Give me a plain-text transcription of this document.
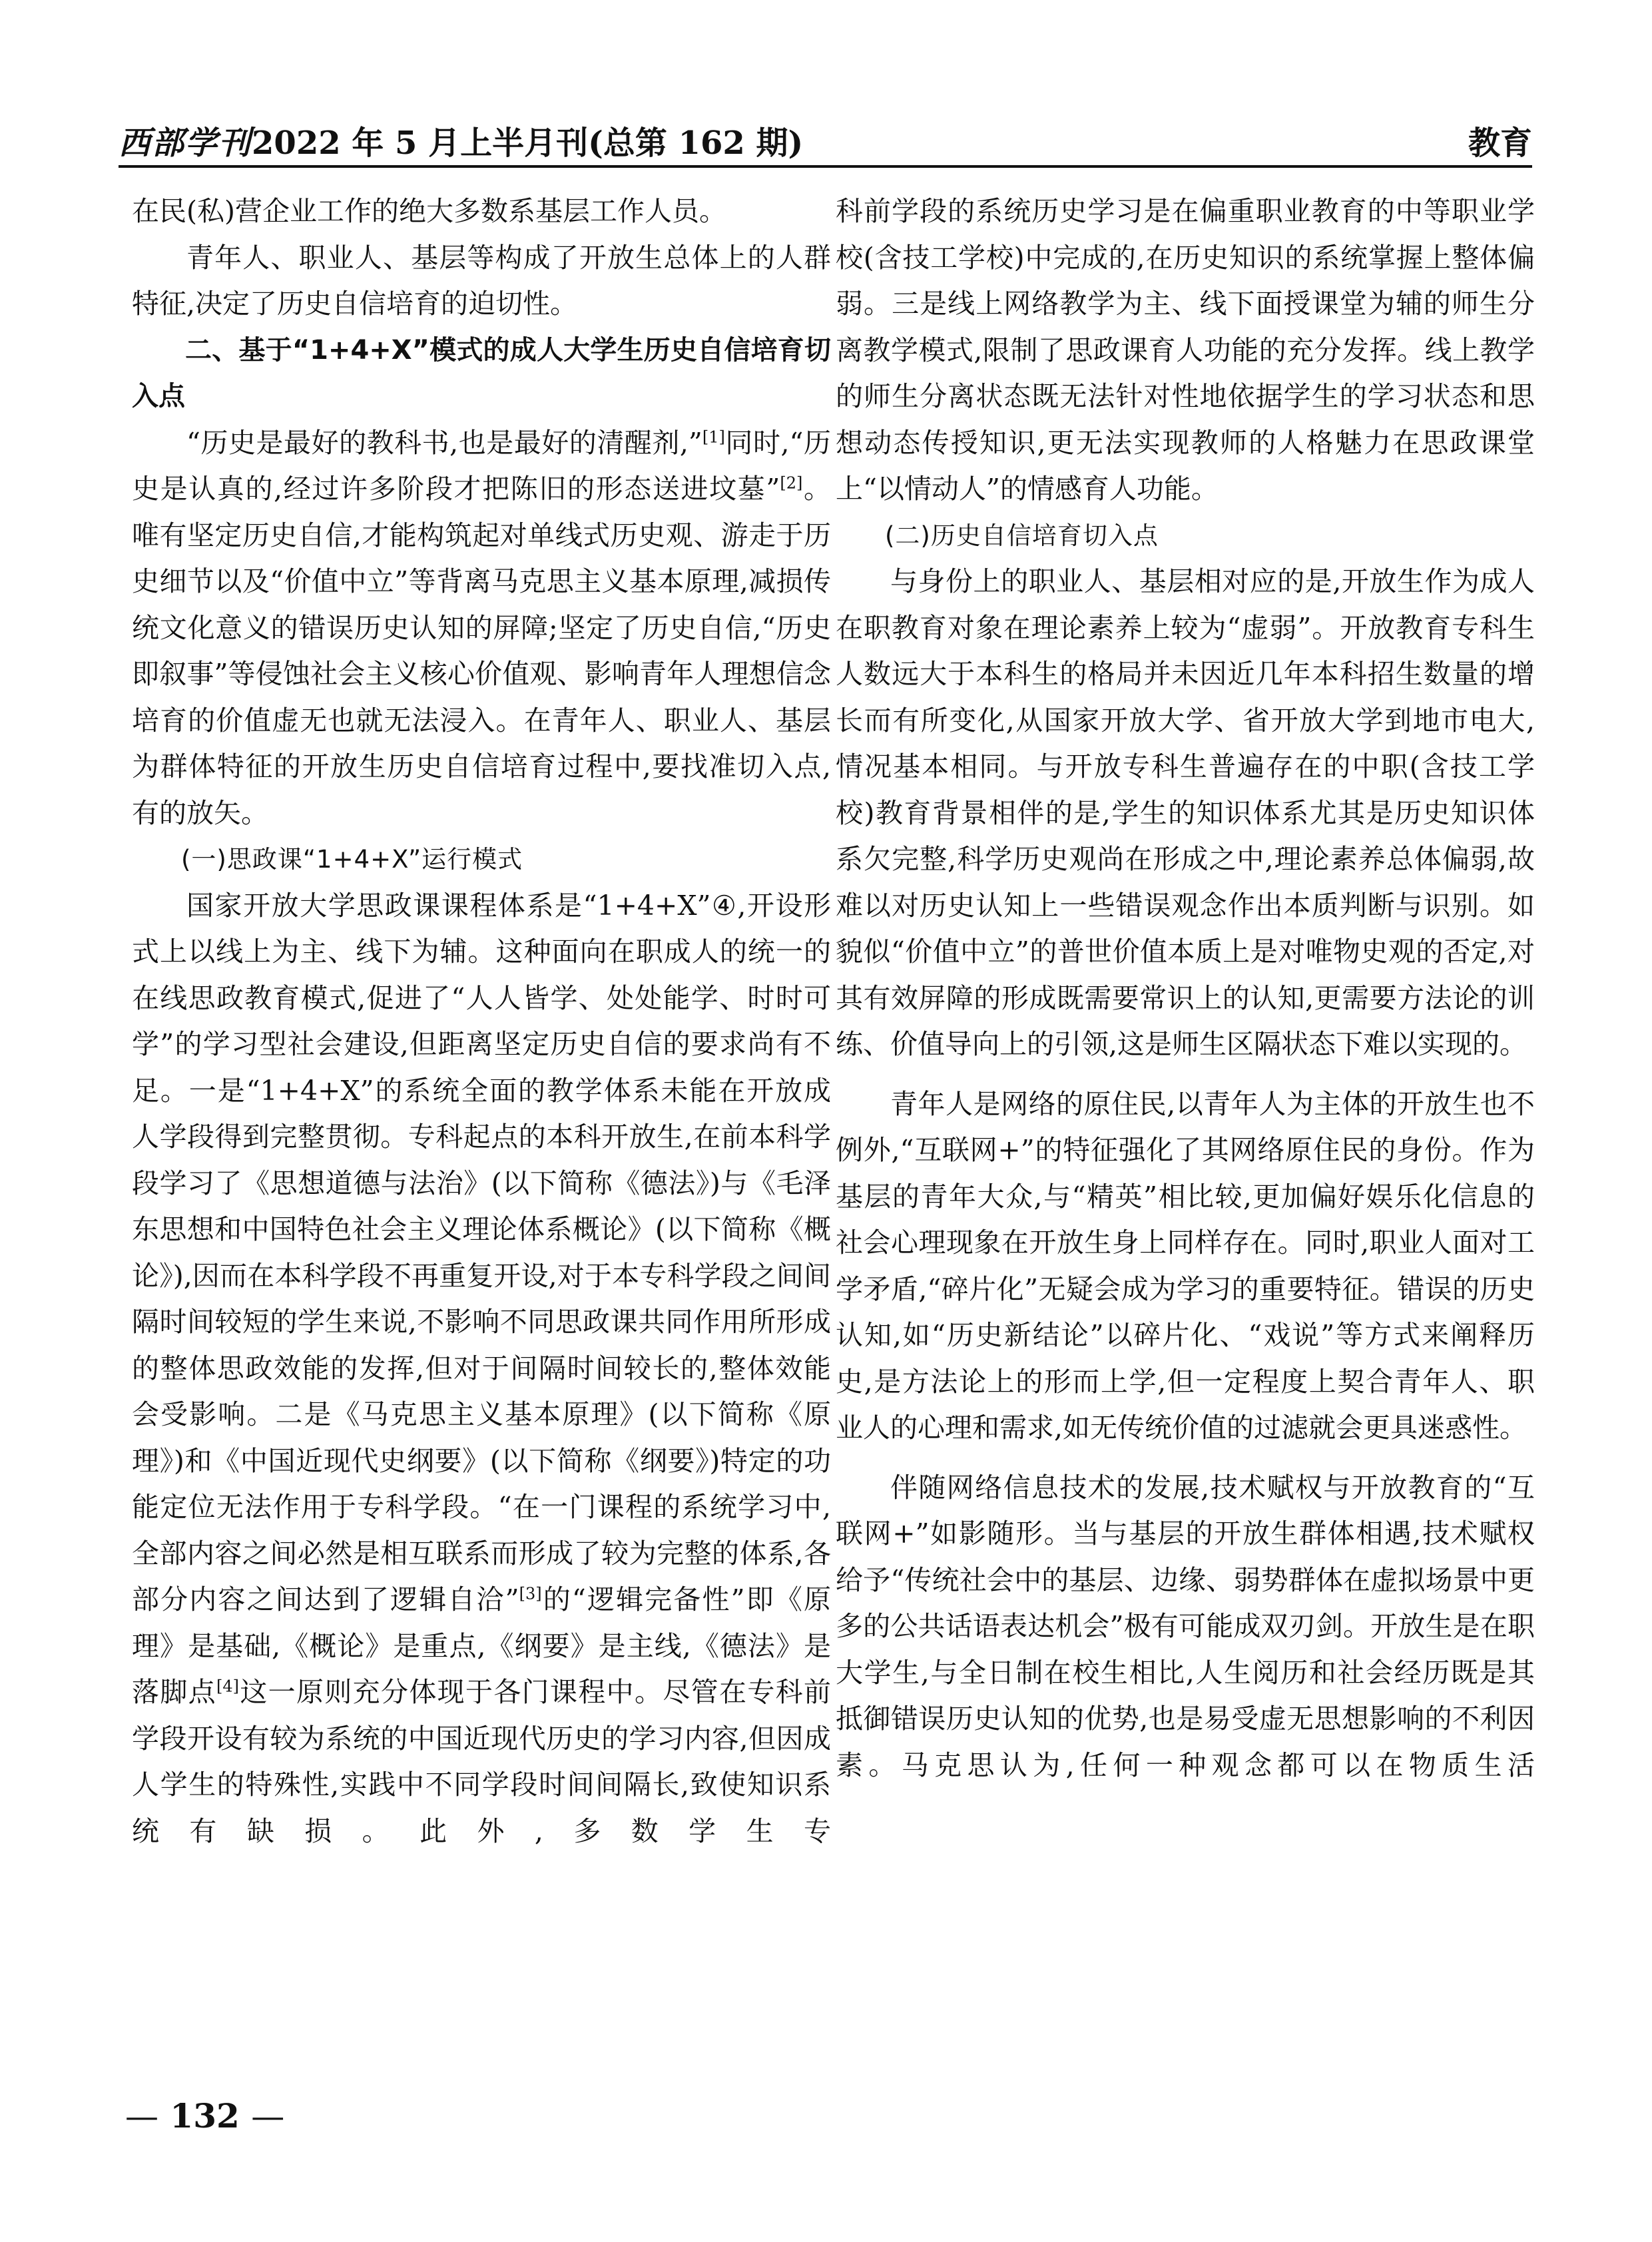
西部学刊2022 年 5 月上半月刊(总第 162 期)	教育

在民(私)营企业工作的绝大多数系基层工作人员。

青年人、职业人、基层等构成了开放生总体上的人群特征,决定了历史自信培育的迫切性。

二、基于“1+4+X”模式的成人大学生历史自信培育切入点

“历史是最好的教科书,也是最好的清醒剂,”[1]同时,“历史是认真的,经过许多阶段才把陈旧的形态送进坟墓”[2]。唯有坚定历史自信,才能构筑起对单线式历史观、游走于历史细节以及“价值中立”等背离马克思主义基本原理,减损传统文化意义的错误历史认知的屏障;坚定了历史自信,“历史即叙事”等侵蚀社会主义核心价值观、影响青年人理想信念培育的价值虚无也就无法浸入。在青年人、职业人、基层为群体特征的开放生历史自信培育过程中,要找准切入点,有的放矢。

(一)思政课“1+4+X”运行模式

国家开放大学思政课课程体系是“1+4+X”④,开设形式上以线上为主、线下为辅。这种面向在职成人的统一的在线思政教育模式,促进了“人人皆学、处处能学、时时可学”的学习型社会建设,但距离坚定历史自信的要求尚有不足。一是“1+4+X”的系统全面的教学体系未能在开放成人学段得到完整贯彻。专科起点的本科开放生,在前本科学段学习了《思想道德与法治》(以下简称《德法》)与《毛泽东思想和中国特色社会主义理论体系概论》(以下简称《概论》),因而在本科学段不再重复开设,对于本专科学段之间间隔时间较短的学生来说,不影响不同思政课共同作用所形成的整体思政效能的发挥,但对于间隔时间较长的,整体效能会受影响。二是《马克思主义基本原理》(以下简称《原理》)和《中国近现代史纲要》(以下简称《纲要》)特定的功能定位无法作用于专科学段。“在一门课程的系统学习中,全部内容之间必然是相互联系而形成了较为完整的体系,各部分内容之间达到了逻辑自洽”[3]的“逻辑完备性”即《原理》是基础,《概论》是重点,《纲要》是主线,《德法》是落脚点[4]这一原则充分体现于各门课程中。尽管在专科前学段开设有较为系统的中国近现代历史的学习内容,但因成人学生的特殊性,实践中不同学段时间间隔长,致使知识系统有缺损。此外,多数学生专

科前学段的系统历史学习是在偏重职业教育的中等职业学校(含技工学校)中完成的,在历史知识的系统掌握上整体偏弱。三是线上网络教学为主、线下面授课堂为辅的师生分离教学模式,限制了思政课育人功能的充分发挥。线上教学的师生分离状态既无法针对性地依据学生的学习状态和思想动态传授知识,更无法实现教师的人格魅力在思政课堂上“以情动人”的情感育人功能。

(二)历史自信培育切入点

与身份上的职业人、基层相对应的是,开放生作为成人在职教育对象在理论素养上较为“虚弱”。开放教育专科生人数远大于本科生的格局并未因近几年本科招生数量的增长而有所变化,从国家开放大学、省开放大学到地市电大,情况基本相同。与开放专科生普遍存在的中职(含技工学校)教育背景相伴的是,学生的知识体系尤其是历史知识体系欠完整,科学历史观尚在形成之中,理论素养总体偏弱,故难以对历史认知上一些错误观念作出本质判断与识别。如貌似“价值中立”的普世价值本质上是对唯物史观的否定,对其有效屏障的形成既需要常识上的认知,更需要方法论的训练、价值导向上的引领,这是师生区隔状态下难以实现的。

青年人是网络的原住民,以青年人为主体的开放生也不例外,“互联网+”的特征强化了其网络原住民的身份。作为基层的青年大众,与“精英”相比较,更加偏好娱乐化信息的社会心理现象在开放生身上同样存在。同时,职业人面对工学矛盾,“碎片化”无疑会成为学习的重要特征。错误的历史认知,如“历史新结论”以碎片化、“戏说”等方式来阐释历史,是方法论上的形而上学,但一定程度上契合青年人、职业人的心理和需求,如无传统价值的过滤就会更具迷惑性。

伴随网络信息技术的发展,技术赋权与开放教育的“互联网+”如影随形。当与基层的开放生群体相遇,技术赋权给予“传统社会中的基层、边缘、弱势群体在虚拟场景中更多的公共话语表达机会”极有可能成双刃剑。开放生是在职大学生,与全日制在校生相比,人生阅历和社会经历既是其抵御错误历史认知的优势,也是易受虚无思想影响的不利因素。马克思认为,任何一种观念都可以在物质生活

— 132 —
